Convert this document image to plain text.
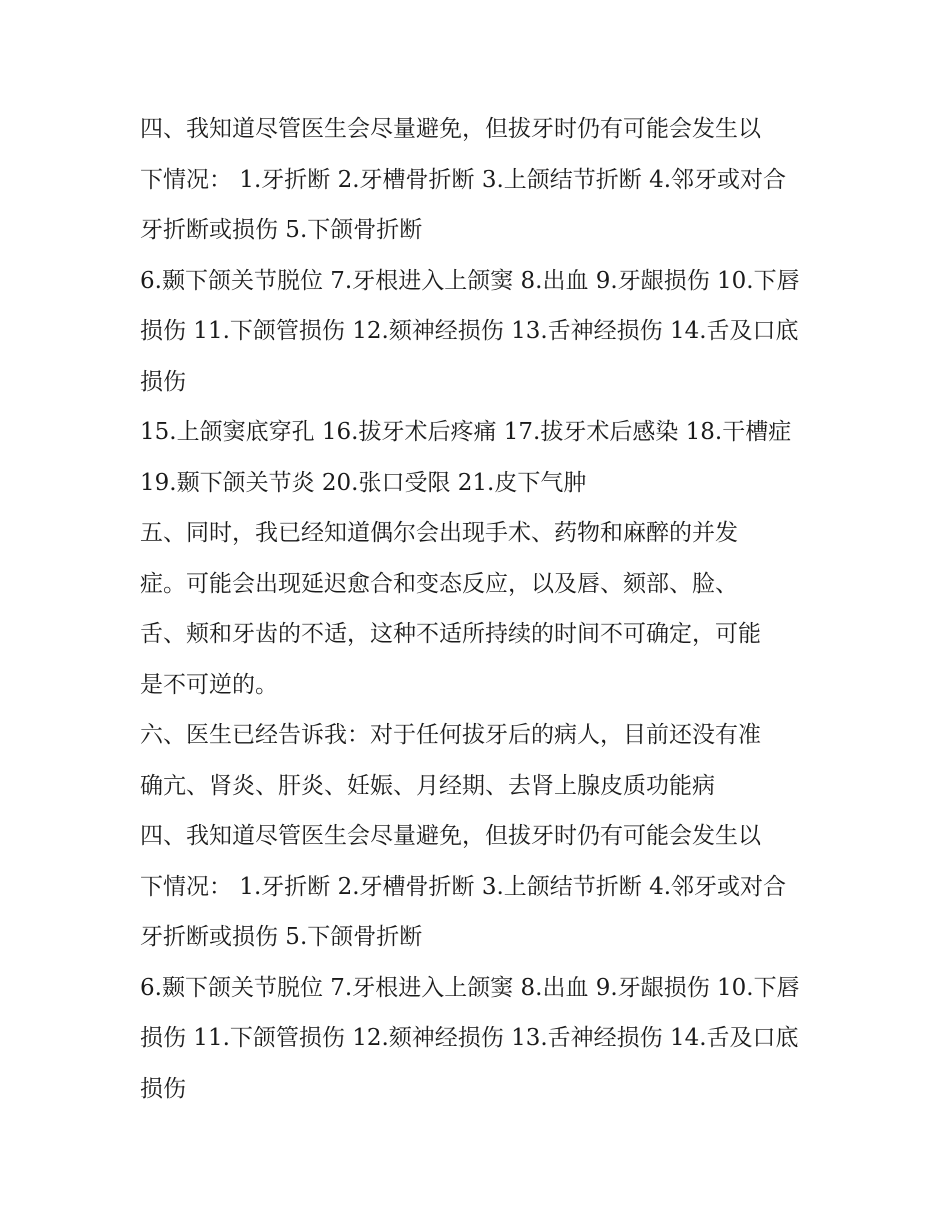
四、我知道尽管医生会尽量避免，但拔牙时仍有可能会发生以

下情况： 1.牙折断 2.牙槽骨折断 3.上颌结节折断 4.邻牙或对合

牙折断或损伤 5.下颌骨折断

6.颞下颌关节脱位 7.牙根进入上颌窦 8.出血 9.牙龈损伤 10.下唇

损伤 11.下颌管损伤 12.颏神经损伤 13.舌神经损伤 14.舌及口底

损伤

15.上颌窦底穿孔 16.拔牙术后疼痛 17.拔牙术后感染 18.干槽症

19.颞下颌关节炎 20.张口受限 21.皮下气肿

五、同时，我已经知道偶尔会出现手术、药物和麻醉的并发

症。可能会出现延迟愈合和变态反应，以及唇、颏部、脸、

舌、颊和牙齿的不适，这种不适所持续的时间不可确定，可能

是不可逆的。

六、医生已经告诉我：对于任何拔牙后的病人，目前还没有准

确亢、肾炎、肝炎、妊娠、月经期、去肾上腺皮质功能病

四、我知道尽管医生会尽量避免，但拔牙时仍有可能会发生以

下情况： 1.牙折断 2.牙槽骨折断 3.上颌结节折断 4.邻牙或对合

牙折断或损伤 5.下颌骨折断

6.颞下颌关节脱位 7.牙根进入上颌窦 8.出血 9.牙龈损伤 10.下唇

损伤 11.下颌管损伤 12.颏神经损伤 13.舌神经损伤 14.舌及口底

损伤
